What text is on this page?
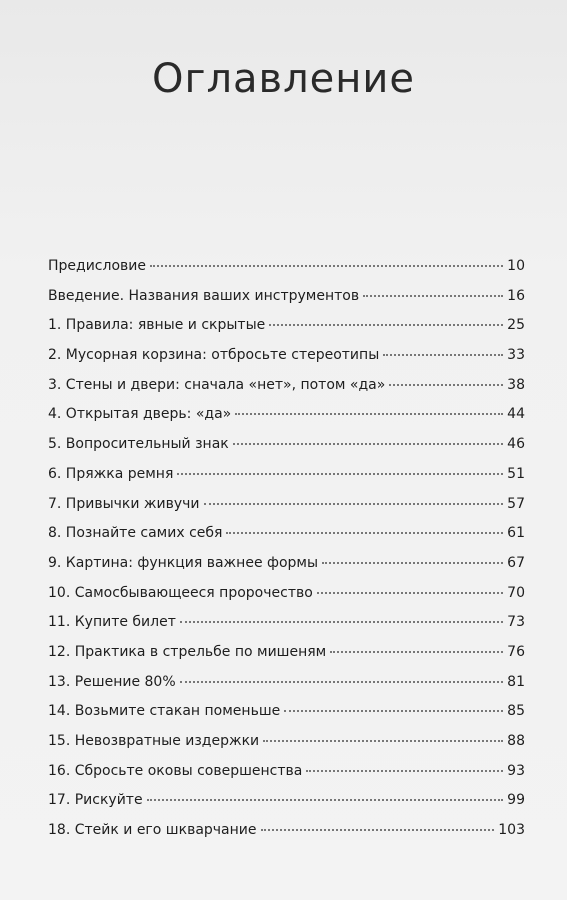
Оглавление
Предисловие	10
Введение. Названия ваших инструментов	16
1. Правила: явные и скрытые	25
2. Мусорная корзина: отбросьте стереотипы	33
3. Стены и двери: сначала «нет», потом «да»	38
4. Открытая дверь: «да»	44
5. Вопросительный знак	46
6. Пряжка ремня	51
7. Привычки живучи	57
8. Познайте самих себя	61
9. Картина: функция важнее формы	67
10. Самосбывающееся пророчество	70
11. Купите билет	73
12. Практика в стрельбе по мишеням	76
13. Решение 80%	81
14. Возьмите стакан поменьше	85
15. Невозвратные издержки	88
16. Сбросьте оковы совершенства	93
17. Рискуйте	99
18. Стейк и его шкварчание	103
